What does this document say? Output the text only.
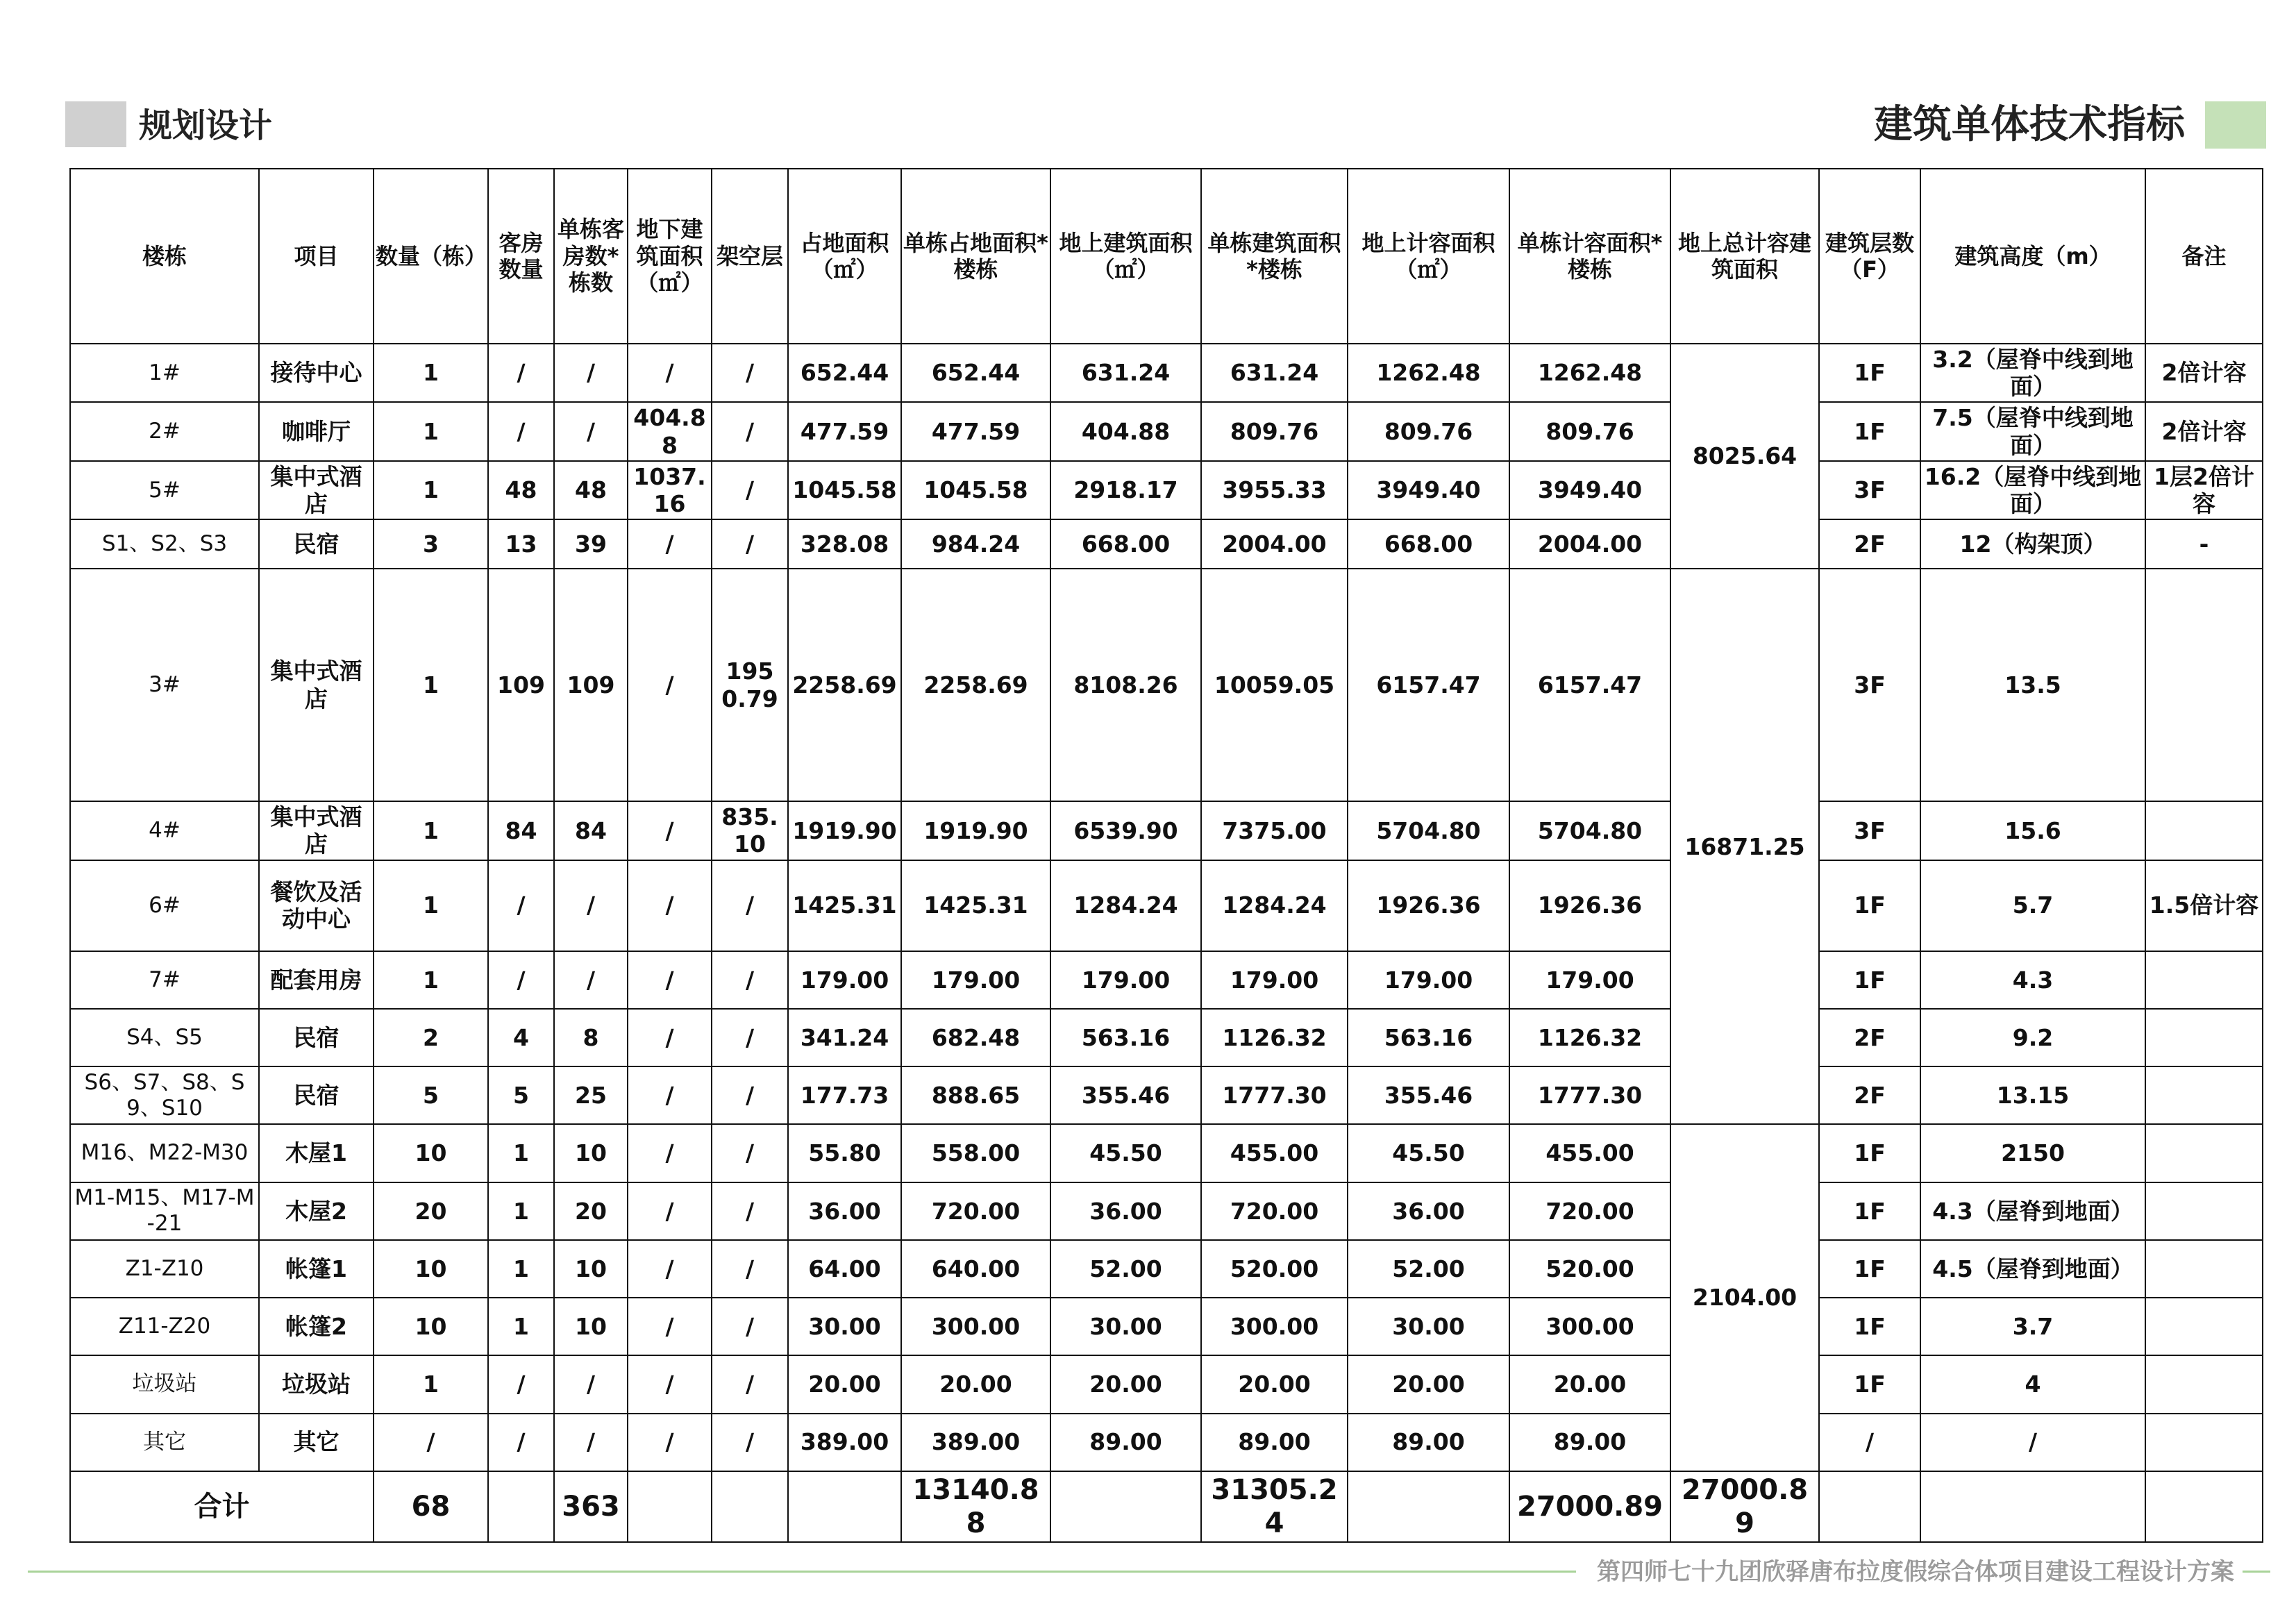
规划设计	建筑单体技术指标
楼栋	项目	数量（栋）	客房数量	单栋客房数*栋数	地下建筑面积（㎡）	架空层	占地面积（㎡）	单栋占地面积*楼栋	地上建筑面积（㎡）	单栋建筑面积*楼栋	地上计容面积（㎡）	单栋计容面积*楼栋	地上总计容建筑面积	建筑层数（F）	建筑高度（m）	备注
1#	接待中心	1	/	/	/	/	652.44	652.44	631.24	631.24	1262.48	1262.48	8025.64	1F	3.2（屋脊中线到地面）	2倍计容
2#	咖啡厅	1	/	/	404.88	/	477.59	477.59	404.88	809.76	809.76	809.76		1F	7.5（屋脊中线到地面）	2倍计容
5#	集中式酒店	1	48	48	1037.16	/	1045.58	1045.58	2918.17	3955.33	3949.40	3949.40		3F	16.2（屋脊中线到地面）	1层2倍计容
S1、S2、S3	民宿	3	13	39	/	/	328.08	984.24	668.00	2004.00	668.00	2004.00		2F	12（构架顶）	-
3#	集中式酒店	1	109	109	/	1950.79	2258.69	2258.69	8108.26	10059.05	6157.47	6157.47	16871.25	3F	13.5	
4#	集中式酒店	1	84	84	/	835.10	1919.90	1919.90	6539.90	7375.00	5704.80	5704.80		3F	15.6	
6#	餐饮及活动中心	1	/	/	/	/	1425.31	1425.31	1284.24	1284.24	1926.36	1926.36		1F	5.7	1.5倍计容
7#	配套用房	1	/	/	/	/	179.00	179.00	179.00	179.00	179.00	179.00		1F	4.3	
S4、S5	民宿	2	4	8	/	/	341.24	682.48	563.16	1126.32	563.16	1126.32		2F	9.2	
S6、S7、S8、S9、S10	民宿	5	5	25	/	/	177.73	888.65	355.46	1777.30	355.46	1777.30		2F	13.15	
M16、M22-M30	木屋1	10	1	10	/	/	55.80	558.00	45.50	455.00	45.50	455.00	2104.00	1F	2150	
M1-M15、M17-M-21	木屋2	20	1	20	/	/	36.00	720.00	36.00	720.00	36.00	720.00		1F	4.3（屋脊到地面）	
Z1-Z10	帐篷1	10	1	10	/	/	64.00	640.00	52.00	520.00	52.00	520.00		1F	4.5（屋脊到地面）	
Z11-Z20	帐篷2	10	1	10	/	/	30.00	300.00	30.00	300.00	30.00	300.00		1F	3.7	
垃圾站	垃圾站	1	/	/	/	/	20.00	20.00	20.00	20.00	20.00	20.00		1F	4	
其它	其它	/	/	/	/	/	389.00	389.00	89.00	89.00	89.00	89.00		/	/	
合计		68		363				13140.88		31305.24		27000.89	27000.89			
第四师七十九团欣驿唐布拉度假综合体项目建设工程设计方案
